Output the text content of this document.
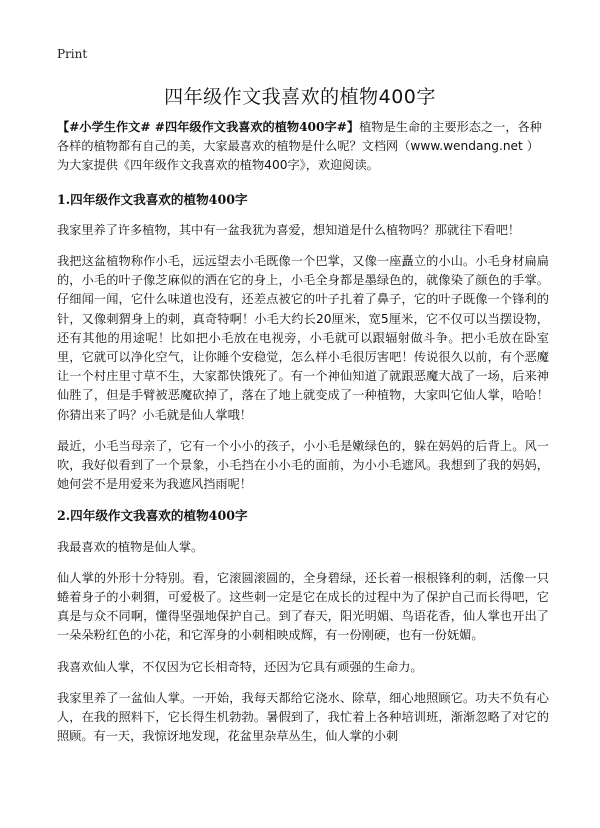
Print
四年级作文我喜欢的植物400字

【#小学生作文# #四年级作文我喜欢的植物400字#】植物是生命的主要形态之一，各种各样的植物都有自己的美，大家最喜欢的植物是什么呢？文档网（www.wendang.net ）为大家提供《四年级作文我喜欢的植物400字》，欢迎阅读。

1.四年级作文我喜欢的植物400字

我家里养了许多植物，其中有一盆我犹为喜爱，想知道是什么植物吗？那就往下看吧！

我把这盆植物称作小毛，远远望去小毛既像一个巴掌，又像一座矗立的小山。小毛身材扁扁的，小毛的叶子像芝麻似的洒在它的身上，小毛全身都是墨绿色的，就像染了颜色的手掌。仔细闻一闻，它什么味道也没有，还差点被它的叶子扎着了鼻子，它的叶子既像一个锋利的针，又像刺猬身上的刺，真奇特啊！小毛大约长20厘米，宽5厘米，它不仅可以当摆设物，还有其他的用途呢！比如把小毛放在电视旁，小毛就可以跟辐射做斗争。把小毛放在卧室里，它就可以净化空气，让你睡个安稳觉，怎么样小毛很厉害吧！传说很久以前，有个恶魔让一个村庄里寸草不生，大家都快饿死了。有一个神仙知道了就跟恶魔大战了一场，后来神仙胜了，但是手臂被恶魔砍掉了，落在了地上就变成了一种植物，大家叫它仙人掌，哈哈！你猜出来了吗？小毛就是仙人掌哦！

最近，小毛当母亲了，它有一个小小的孩子，小小毛是嫩绿色的，躲在妈妈的后背上。风一吹，我好似看到了一个景象，小毛挡在小小毛的面前，为小小毛遮风。我想到了我的妈妈，她何尝不是用爱来为我遮风挡雨呢！

2.四年级作文我喜欢的植物400字

我最喜欢的植物是仙人掌。

仙人掌的外形十分特别。看，它滚圆滚圆的，全身碧绿，还长着一根根锋利的刺，活像一只蜷着身子的小刺猬，可爱极了。这些刺一定是它在成长的过程中为了保护自己而长得吧，它真是与众不同啊，懂得坚强地保护自己。到了春天，阳光明媚、鸟语花香，仙人掌也开出了一朵朵粉红色的小花，和它浑身的小刺相映成辉，有一份刚硬，也有一份妩媚。

我喜欢仙人掌，不仅因为它长相奇特，还因为它具有顽强的生命力。

我家里养了一盆仙人掌。一开始，我每天都给它浇水、除草，细心地照顾它。功夫不负有心人，在我的照料下，它长得生机勃勃。暑假到了，我忙着上各种培训班，渐渐忽略了对它的照顾。有一天，我惊讶地发现，花盆里杂草丛生，仙人掌的小刺
